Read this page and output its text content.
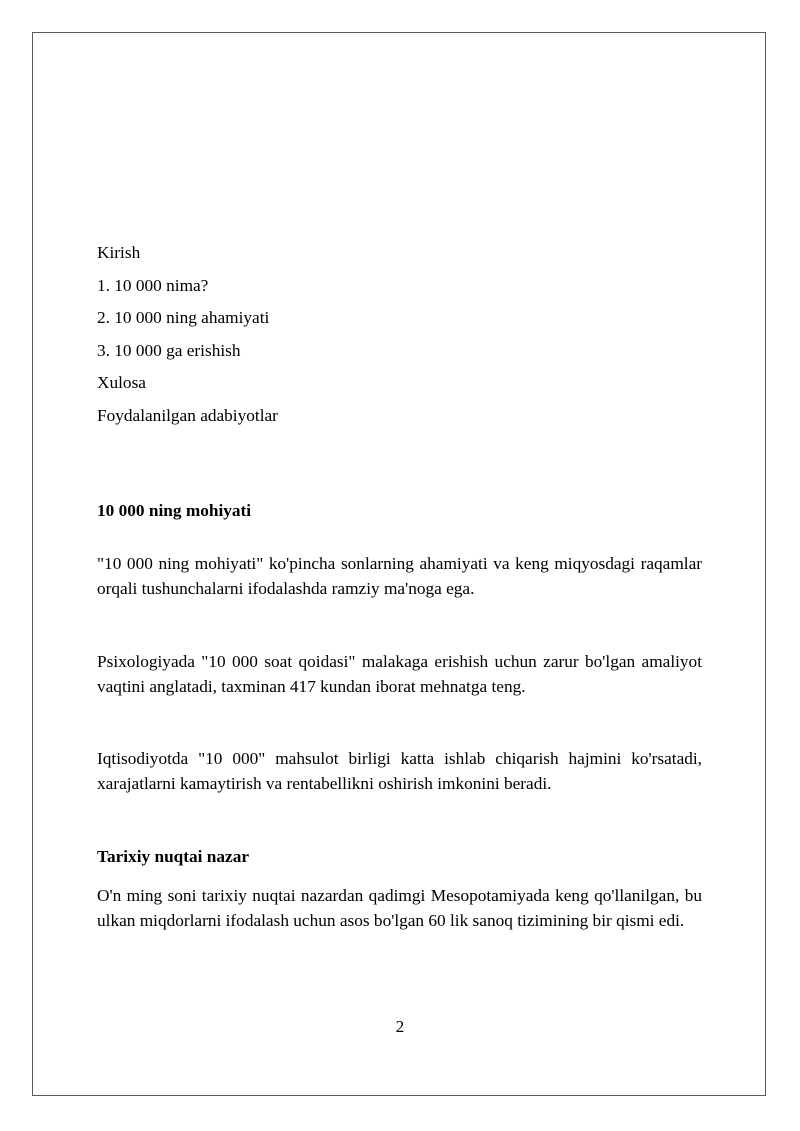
Kirish
1. 10 000 nima?
2. 10 000 ning ahamiyati
3. 10 000 ga erishish
Xulosa
Foydalanilgan adabiyotlar
10 000 ning mohiyati
"10 000 ning mohiyati" ko'pincha sonlarning ahamiyati va keng miqyosdagi raqamlar orqali tushunchalarni ifodalashda ramziy ma'noga ega.
Psixologiyada "10 000 soat qoidasi" malakaga erishish uchun zarur bo'lgan amaliyot vaqtini anglatadi, taxminan 417 kundan iborat mehnatga teng.
Iqtisodiyotda "10 000" mahsulot birligi katta ishlab chiqarish hajmini ko'rsatadi, xarajatlarni kamaytirish va rentabellikni oshirish imkonini beradi.
Tarixiy nuqtai nazar
O'n ming soni tarixiy nuqtai nazardan qadimgi Mesopotamiyada keng qo'llanilgan, bu ulkan miqdorlarni ifodalash uchun asos bo'lgan 60 lik sanoq tizimining bir qismi edi.
2
